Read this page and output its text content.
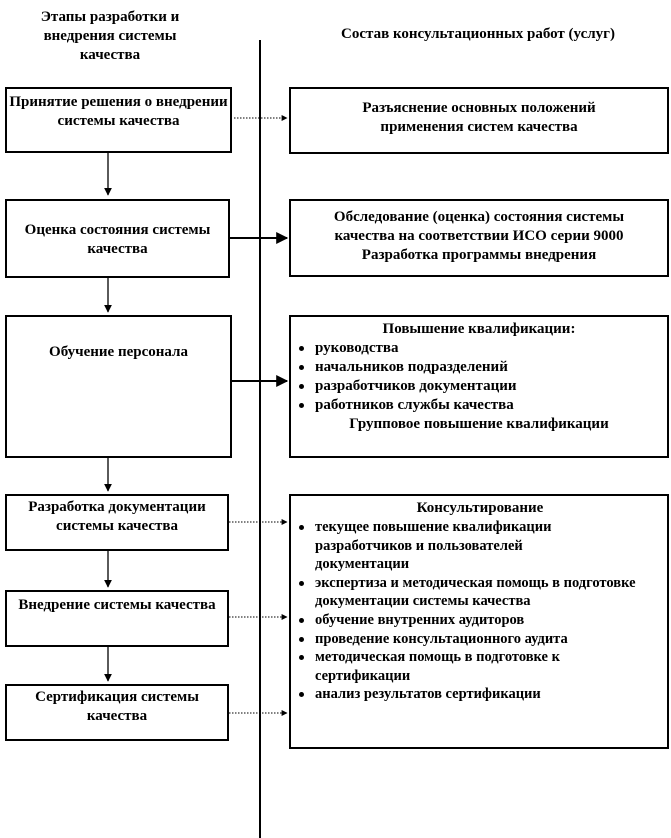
Этапы разработки и внедрения системы качества
Состав консультационных работ (услуг)
Принятие решения о внедрении системы качества
Оценка состояния системы качества
Обучение персонала
Разработка документации системы качества
Внедрение системы качества
Сертификация системы качества
Разъяснение основных положений применения систем качества
Обследование (оценка) состояния системы
качества на соответствии ИСО серии 9000
Разработка программы внедрения
Повышение квалификации:
руководства
начальников подразделений
разработчиков документации
работников службы качества
Групповое повышение квалификации
Консультирование
текущее повышение квалификации разработчиков и пользователей документации
экспертиза и методическая помощь в подготовке документации системы качества
обучение внутренних аудиторов
проведение консультационного аудита
методическая помощь в подготовке к сертификации
анализ результатов сертификации
